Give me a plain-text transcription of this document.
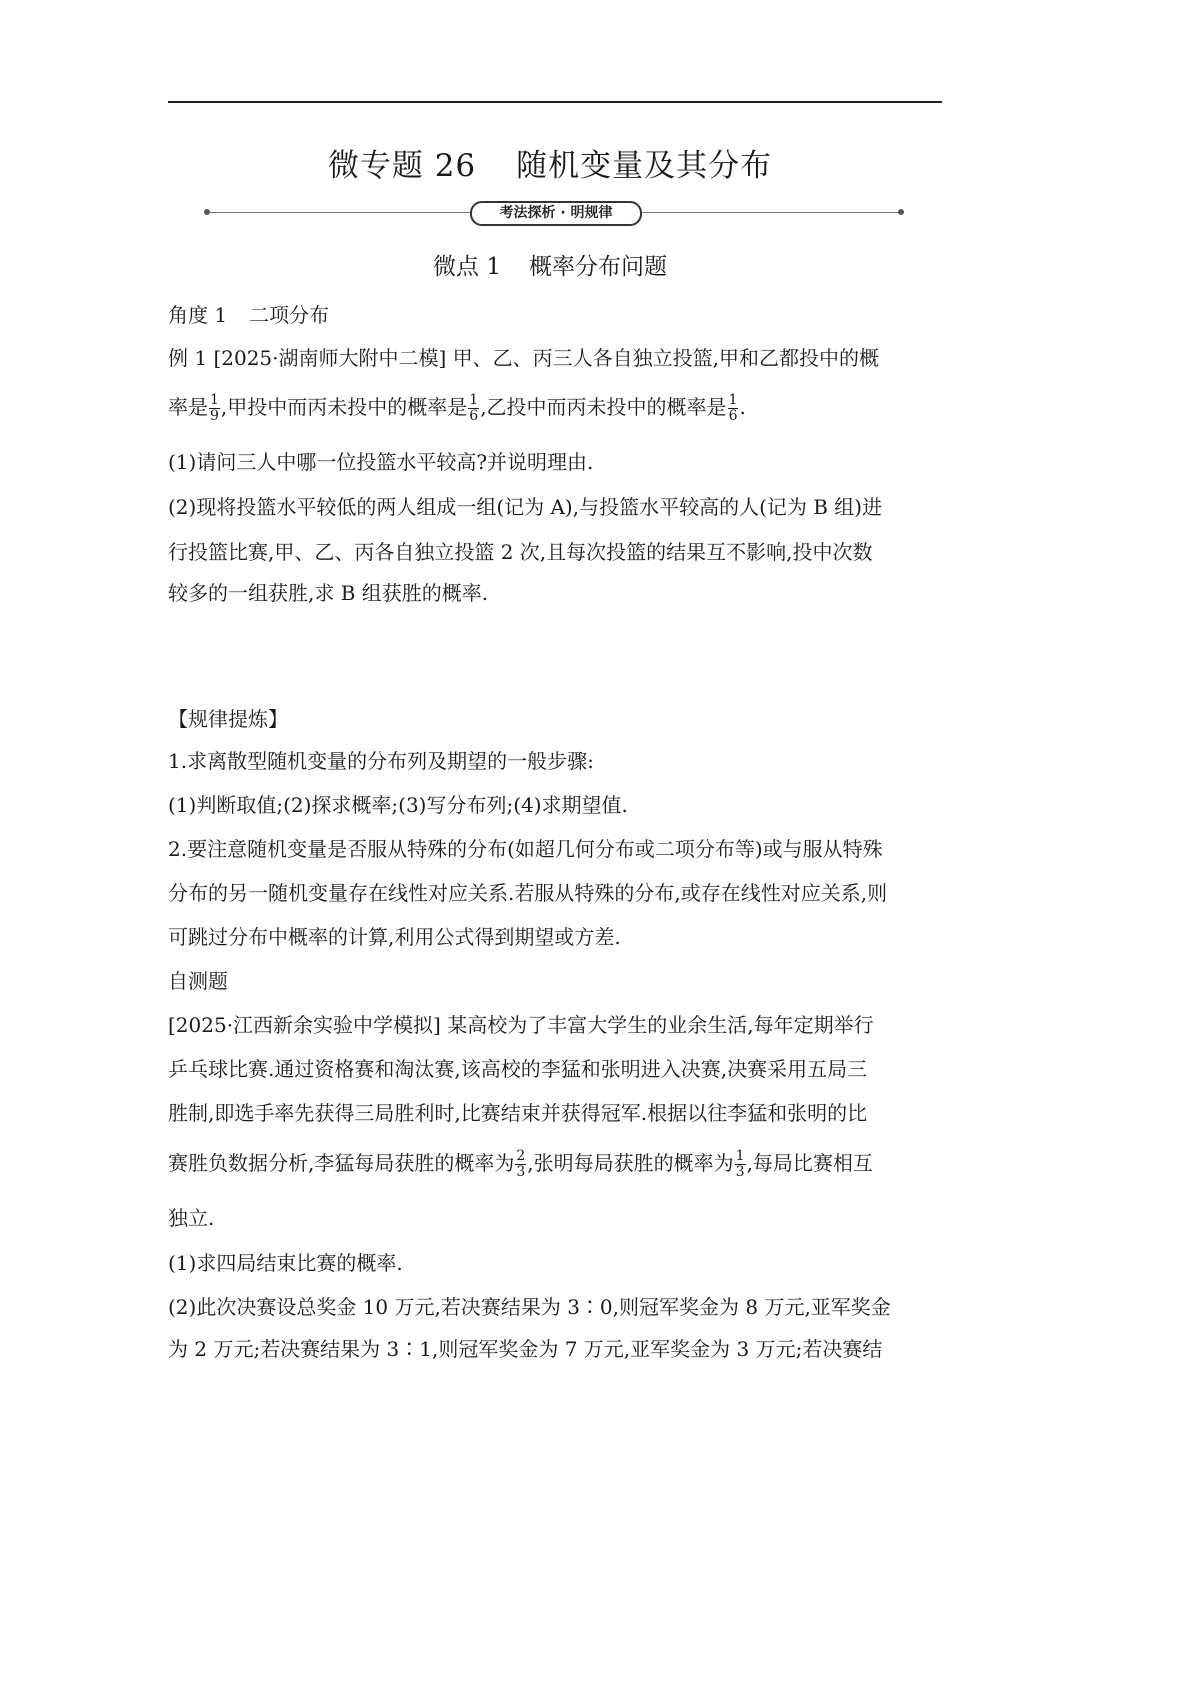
微专题 26 随机变量及其分布
考法探析 · 明规律
微点 1 概率分布问题
角度 1 二项分布
例 1 [2025·湖南师大附中二模] 甲、乙、丙三人各自独立投篮,甲和乙都投中的概
率是 $\frac{1}{9}$ ,甲投中而丙未投中的概率是 $\frac{1}{6}$ ,乙投中而丙未投中的概率是 $\frac{1}{6}$ .
(1)请问三人中哪一位投篮水平较高?并说明理由.
(2)现将投篮水平较低的两人组成一组(记为 A),与投篮水平较高的人(记为 B 组)进
行投篮比赛,甲、乙、丙各自独立投篮 2 次,且每次投篮的结果互不影响,投中次数
较多的一组获胜,求 B 组获胜的概率.
【规律提炼】
1.求离散型随机变量的分布列及期望的一般步骤:
(1)判断取值;(2)探求概率;(3)写分布列;(4)求期望值.
2.要注意随机变量是否服从特殊的分布(如超几何分布或二项分布等)或与服从特殊
分布的另一随机变量存在线性对应关系.若服从特殊的分布,或存在线性对应关系,则
可跳过分布中概率的计算,利用公式得到期望或方差.
自测题
[2025·江西新余实验中学模拟] 某高校为了丰富大学生的业余生活,每年定期举行
乒乓球比赛.通过资格赛和淘汰赛,该高校的李猛和张明进入决赛,决赛采用五局三
胜制,即选手率先获得三局胜利时,比赛结束并获得冠军.根据以往李猛和张明的比
赛胜负数据分析,李猛每局获胜的概率为 $\frac{2}{3}$ ,张明每局获胜的概率为 $\frac{1}{3}$ ,每局比赛相互
独立.
(1)求四局结束比赛的概率.
(2)此次决赛设总奖金 10 万元,若决赛结果为 3∶0,则冠军奖金为 8 万元,亚军奖金
为 2 万元;若决赛结果为 3∶1,则冠军奖金为 7 万元,亚军奖金为 3 万元;若决赛结
